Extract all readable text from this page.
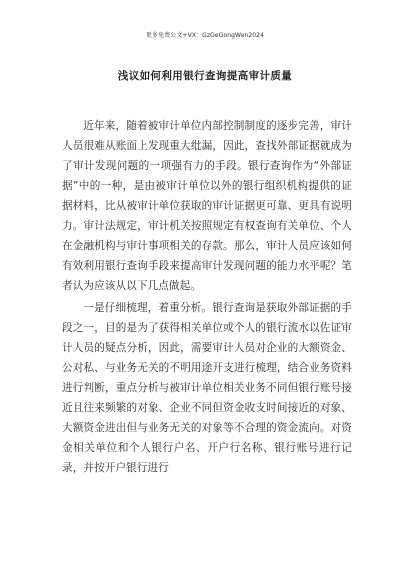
更多免费公文+VX：GzGeGongWen2024
浅议如何利用银行查询提高审计质量

近年来，随着被审计单位内部控制制度的逐步完善，审计人员很难从账面上发现重大纰漏，因此，查找外部证据就成为了审计发现问题的一项强有力的手段。银行查询作为“外部证据”中的一种，是由被审计单位以外的银行组织机构提供的证据材料，比从被审计单位获取的审计证据更可靠、更具有说明力。审计法规定，审计机关按照规定有权查询有关单位、个人在金融机构与审计事项相关的存款。那么，审计人员应该如何有效利用银行查询手段来提高审计发现问题的能力水平呢？笔者认为应该从以下几点做起。

一是仔细梳理，着重分析。银行查询是获取外部证据的手段之一，目的是为了获得相关单位或个人的银行流水以佐证审计人员的疑点分析，因此，需要审计人员对企业的大额资金、公对私、与业务无关的不明用途开支进行梳理，结合业务资料进行判断，重点分析与被审计单位相关业务不同但银行账号接近且往来频繁的对象、企业不同但资金收支时间接近的对象、大额资金进出但与业务无关的对象等不合理的资金流向。对资金相关单位和个人银行户名、开户行名称、银行账号进行记录，并按开户银行进行
